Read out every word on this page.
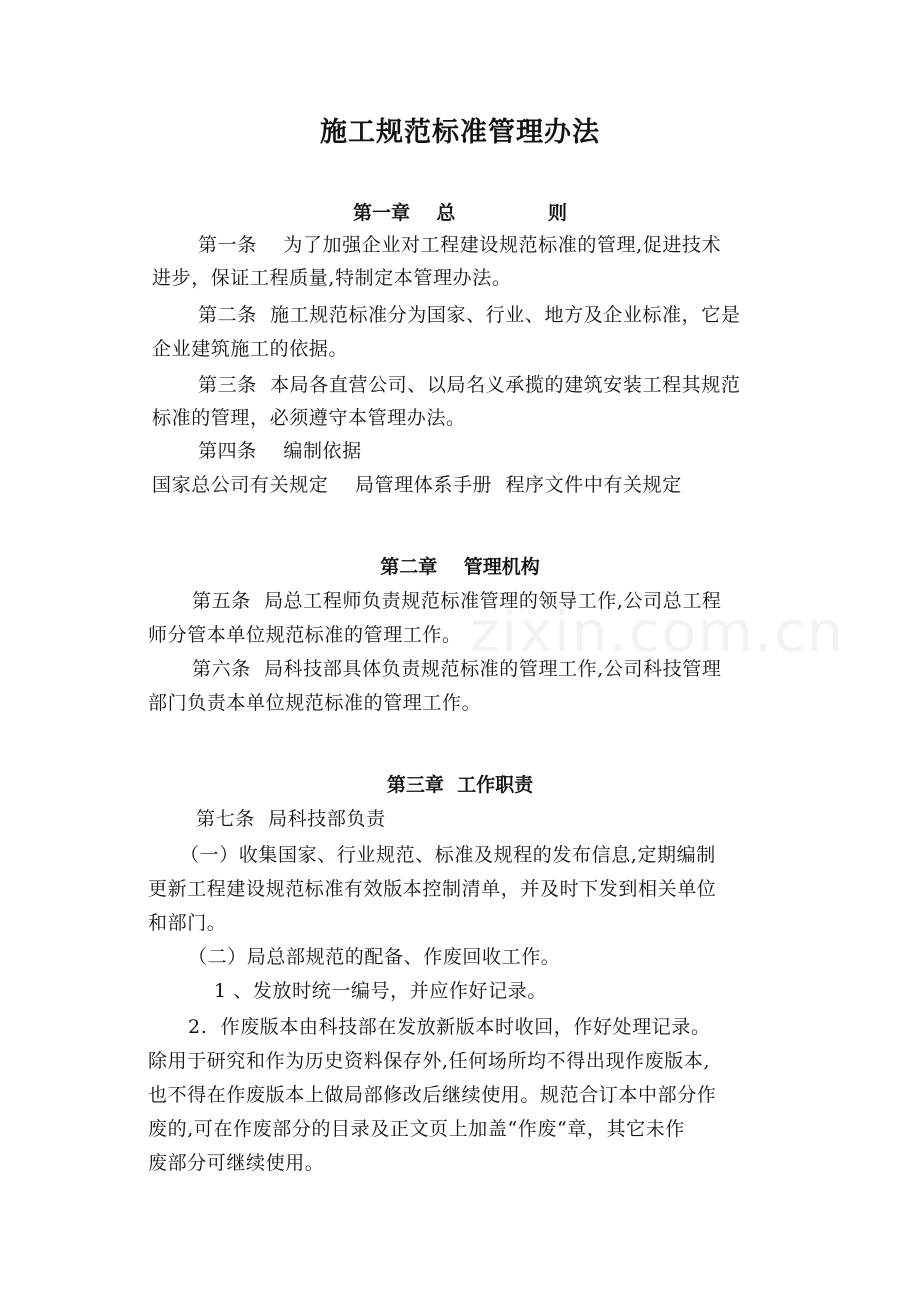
zixin.com.cn
施工规范标准管理办法
第一章    总              则

第一条    为了加强企业对工程建设规范标准的管理,促进技术

进步，保证工程质量,特制定本管理办法。

第二条  施工规范标准分为国家、行业、地方及企业标准，它是

企业建筑施工的依据。

第三条  本局各直营公司、以局名义承揽的建筑安装工程其规范

标准的管理，必须遵守本管理办法。

第四条    编制依据

国家总公司有关规定    局管理体系手册  程序文件中有关规定

第二章    管理机构

第五条  局总工程师负责规范标准管理的领导工作,公司总工程

师分管本单位规范标准的管理工作。

第六条  局科技部具体负责规范标准的管理工作,公司科技管理

部门负责本单位规范标准的管理工作。

第三章  工作职责

第七条  局科技部负责

（一）收集国家、行业规范、标准及规程的发布信息,定期编制

更新工程建设规范标准有效版本控制清单，并及时下发到相关单位

和部门。

（二）局总部规范的配备、作废回收工作。

1 、发放时统一编号，并应作好记录。

2.  作废版本由科技部在发放新版本时收回，作好处理记录。

除用于研究和作为历史资料保存外,任何场所均不得出现作废版本,

也不得在作废版本上做局部修改后继续使用。规范合订本中部分作

废的,可在作废部分的目录及正文页上加盖“作废“章，其它未作

废部分可继续使用。
